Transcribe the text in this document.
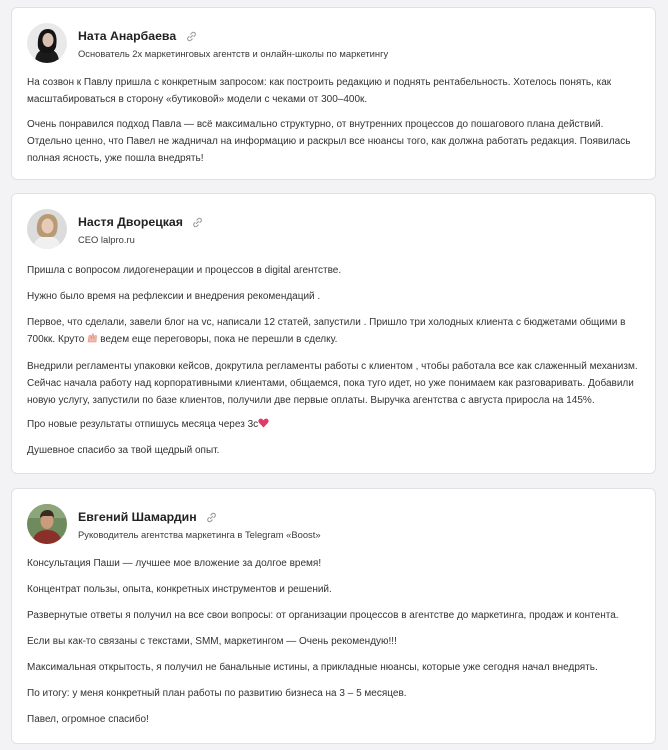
Ната Анарбаева
Основатель 2х маркетинговых агентств и онлайн-школы по маркетингу

На созвон к Павлу пришла с конкретным запросом: как построить редакцию и поднять рентабельность. Хотелось понять, как масштабироваться в сторону «бутиковой» модели с чеками от 300–400к.

Очень понравился подход Павла — всё максимально структурно, от внутренних процессов до пошагового плана действий. Отдельно ценно, что Павел не жадничал на информацию и раскрыл все нюансы того, как должна работать редакция. Появилась полная ясность, уже пошла внедрять!

Настя Дворецкая
CEO lalpro.ru

Пришла с вопросом лидогенерации и процессов в digital агентстве.

Нужно было время на рефлексии и внедрения рекомендаций .

Первое, что сделали, завели блог на vc, написали 12 статей, запустили . Пришло три холодных клиента с бюджетами общими в 700кк. Круто ведем еще переговоры, пока не перешли в сделку.

Внедрили регламенты упаковки кейсов, докрутила регламенты работы с клиентом , чтобы работала все как слаженный механизм. Сейчас начала работу над корпоративными клиентами, общаемся, пока туго идет, но уже понимаем как разговаривать. Добавили новую услугу, запустили по базе клиентов, получили две первые оплаты. Выручка агентства с августа приросла на 145%.

Про новые результаты отпишусь месяца через 3с

Душевное спасибо за твой щедрый опыт.

Евгений Шамардин
Руководитель агентства маркетинга в Telegram «Boost»

Консультация Паши — лучшее мое вложение за долгое время!

Концентрат пользы, опыта, конкретных инструментов и решений.

Развернутые ответы я получил на все свои вопросы: от организации процессов в агентстве до маркетинга, продаж и контента.

Если вы как-то связаны с текстами, SMM, маркетингом — Очень рекомендую!!!

Максимальная открытость, я получил не банальные истины, а прикладные нюансы, которые уже сегодня начал внедрять.

По итогу: у меня конкретный план работы по развитию бизнеса на 3 – 5 месяцев.

Павел, огромное спасибо!
